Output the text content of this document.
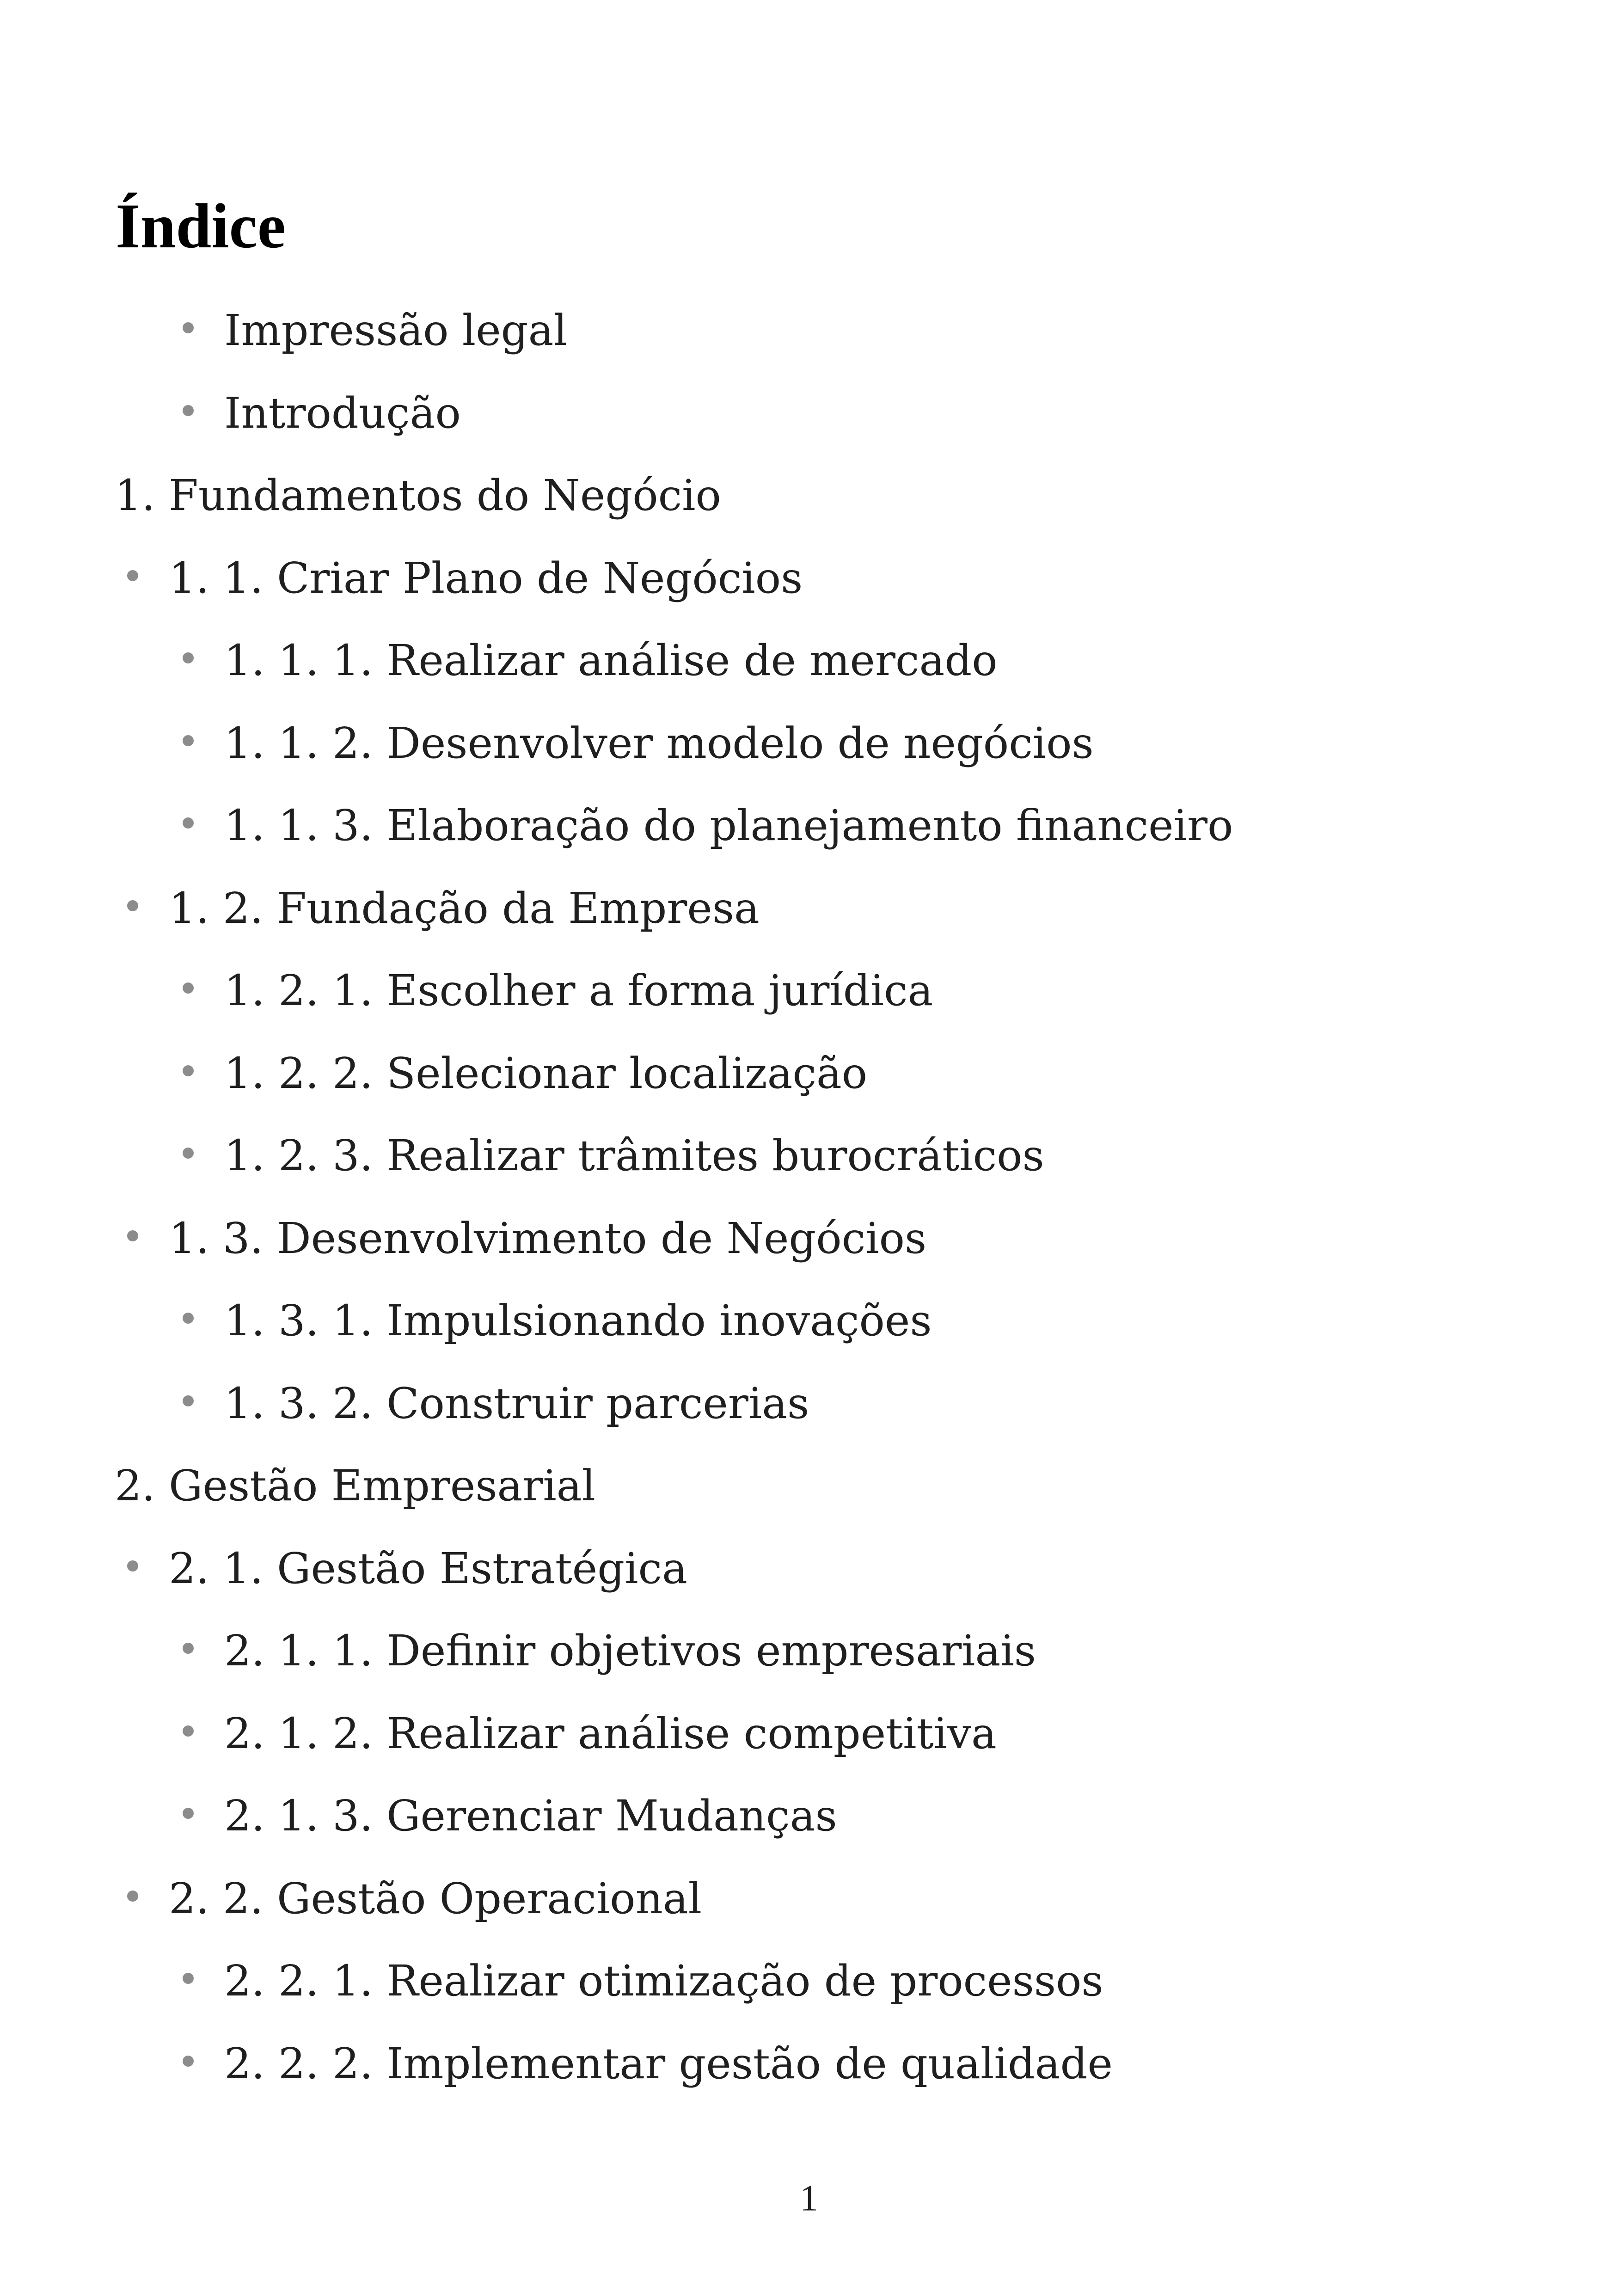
Índice
Impressão legal
Introdução
1. Fundamentos do Negócio
1. 1. Criar Plano de Negócios
1. 1. 1. Realizar análise de mercado
1. 1. 2. Desenvolver modelo de negócios
1. 1. 3. Elaboração do planejamento financeiro
1. 2. Fundação da Empresa
1. 2. 1. Escolher a forma jurídica
1. 2. 2. Selecionar localização
1. 2. 3. Realizar trâmites burocráticos
1. 3. Desenvolvimento de Negócios
1. 3. 1. Impulsionando inovações
1. 3. 2. Construir parcerias
2. Gestão Empresarial
2. 1. Gestão Estratégica
2. 1. 1. Definir objetivos empresariais
2. 1. 2. Realizar análise competitiva
2. 1. 3. Gerenciar Mudanças
2. 2. Gestão Operacional
2. 2. 1. Realizar otimização de processos
2. 2. 2. Implementar gestão de qualidade
1
